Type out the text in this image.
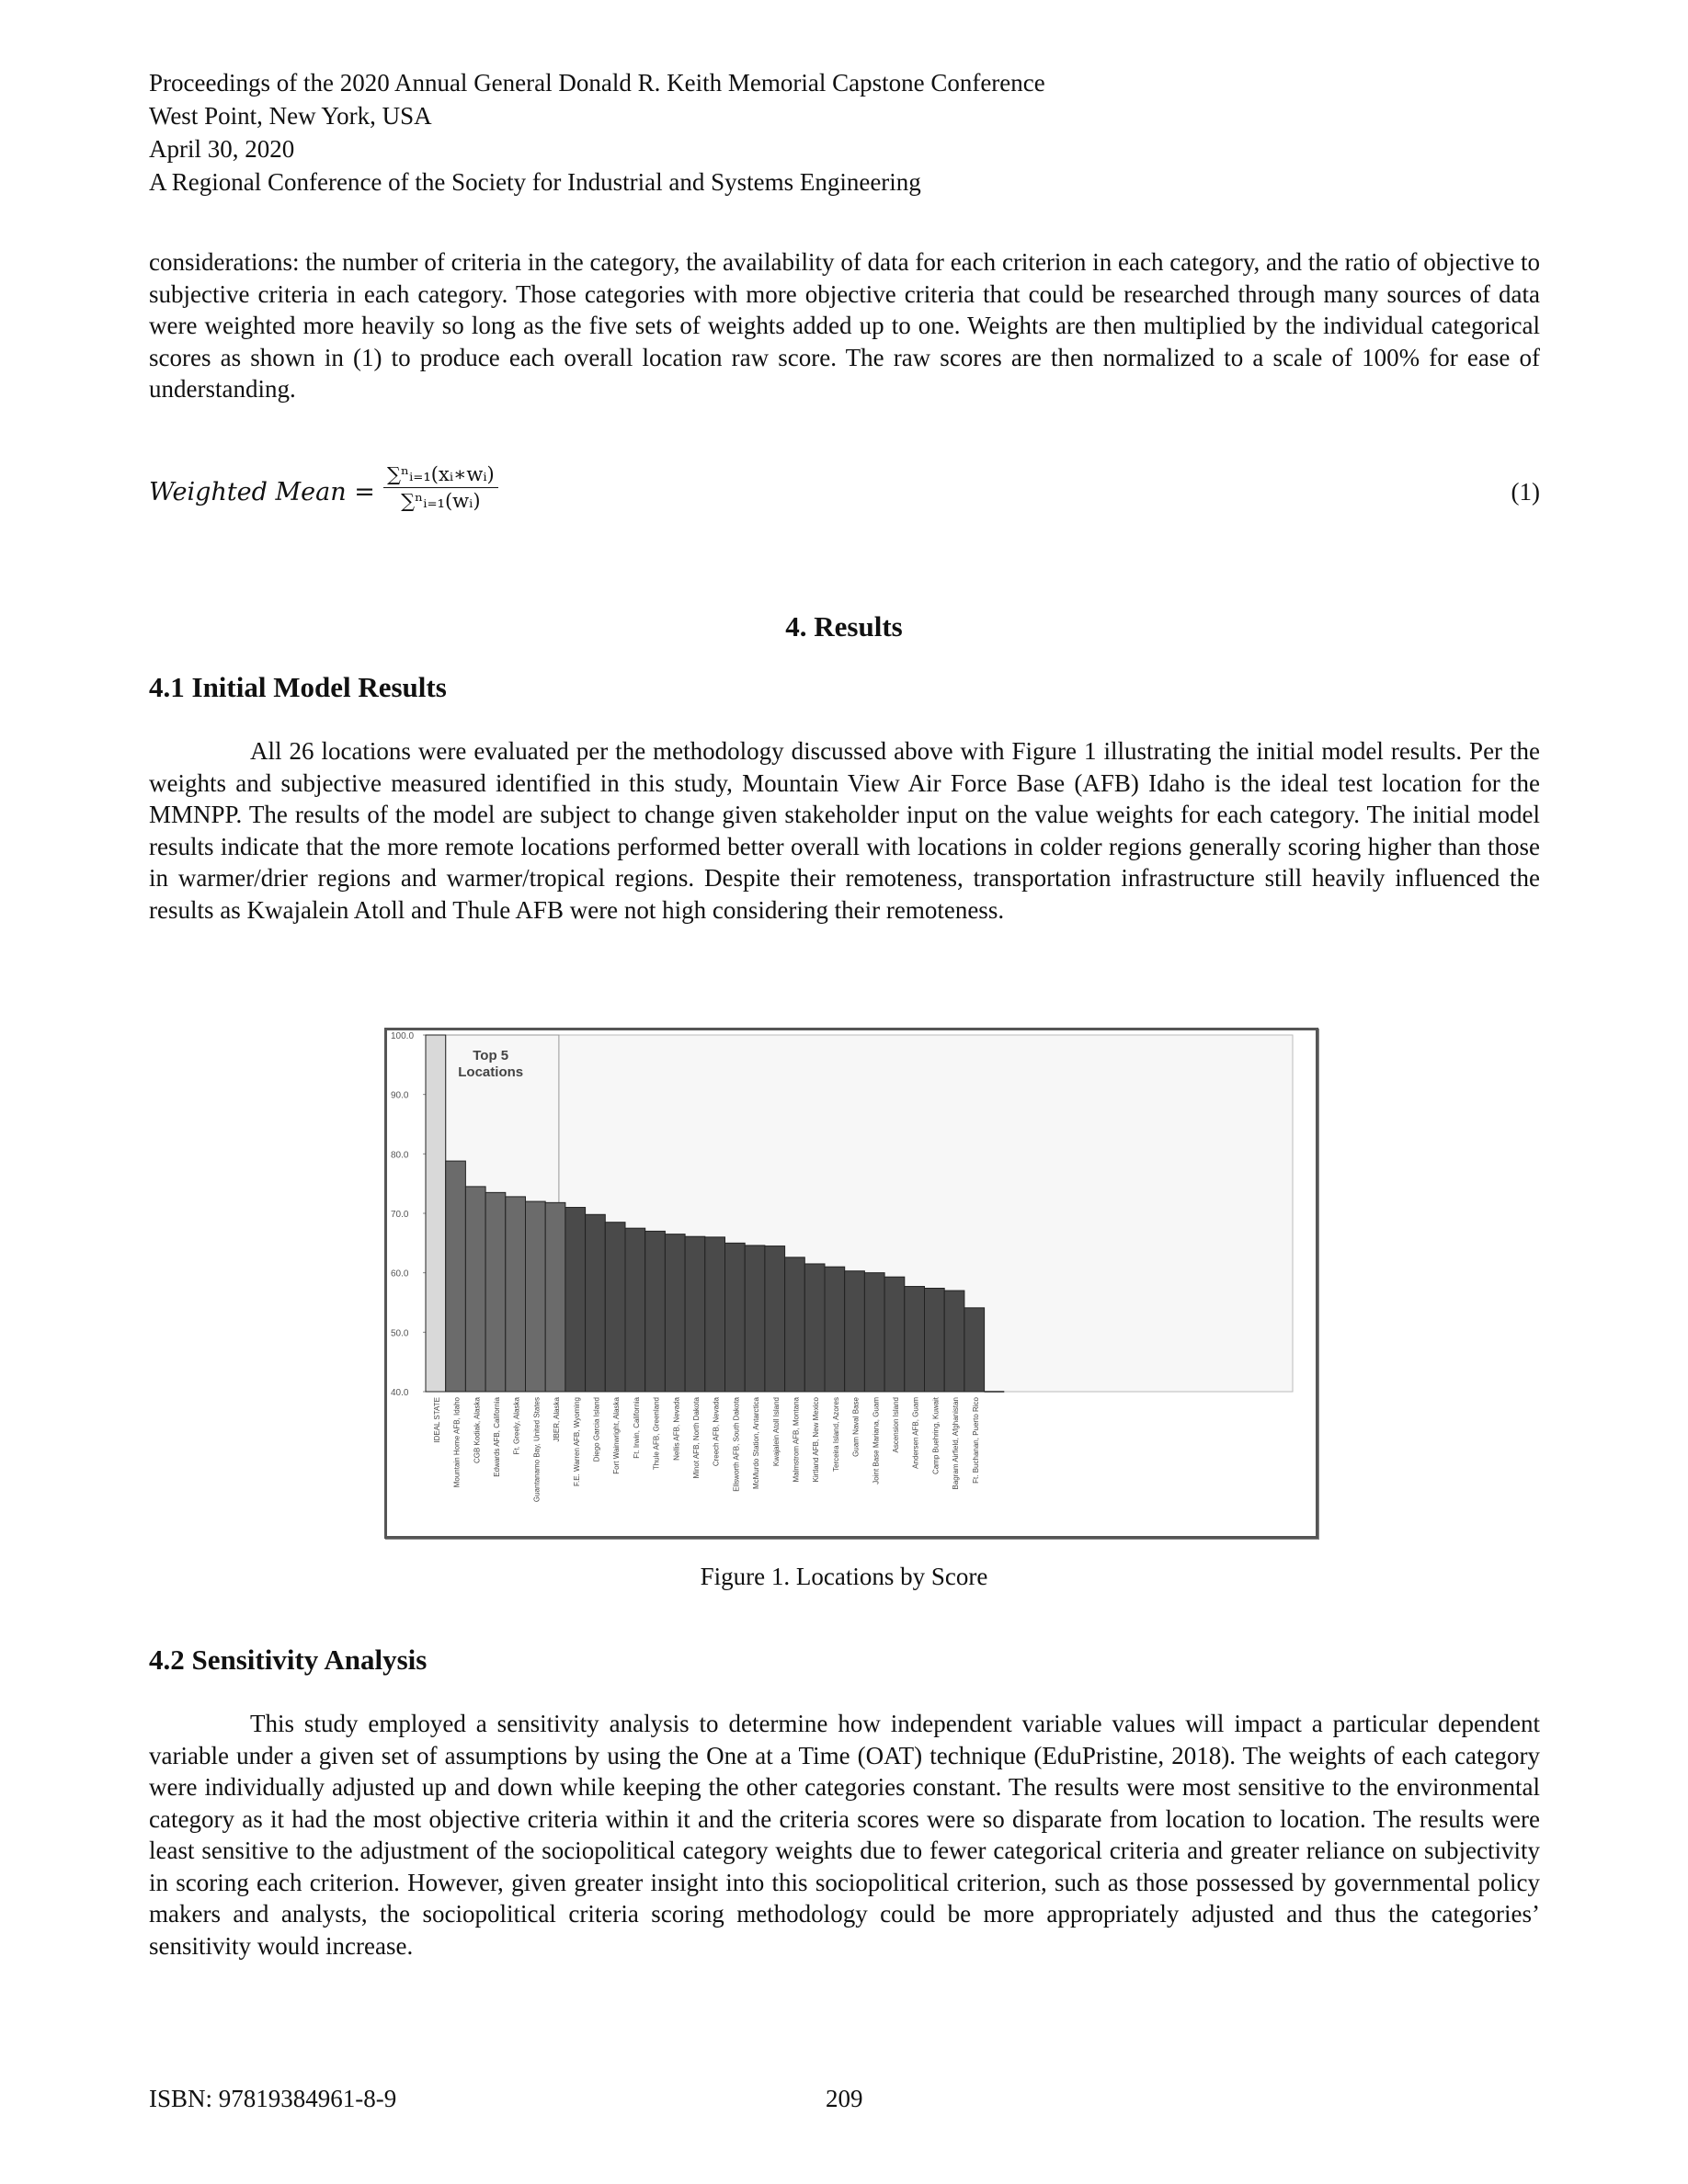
Proceedings of the 2020 Annual General Donald R. Keith Memorial Capstone Conference
West Point, New York, USA
April 30, 2020
A Regional Conference of the Society for Industrial and Systems Engineering

considerations: the number of criteria in the category, the availability of data for each criterion in each category, and the ratio of objective to subjective criteria in each category. Those categories with more objective criteria that could be researched through many sources of data were weighted more heavily so long as the five sets of weights added up to one. Weights are then multiplied by the individual categorical scores as shown in (1) to produce each overall location raw score. The raw scores are then normalized to a scale of 100% for ease of understanding.

Weighted Mean = $\frac{\text{∑ⁿᵢ₌₁(xᵢ∗wᵢ)}}{\text{∑ⁿᵢ₌₁(wᵢ)}}$	(1)
4. Results
4.1 Initial Model Results

All 26 locations were evaluated per the methodology discussed above with Figure 1 illustrating the initial model results. Per the weights and subjective measured identified in this study, Mountain View Air Force Base (AFB) Idaho is the ideal test location for the MMNPP. The results of the model are subject to change given stakeholder input on the value weights for each category. The initial model results indicate that the more remote locations performed better overall with locations in colder regions generally scoring higher than those in warmer/drier regions and warmer/tropical regions. Despite their remoteness, transportation infrastructure still heavily influenced the results as Kwajalein Atoll and Thule AFB were not high considering their remoteness.

100.0
90.0
80.0
70.0
60.0
50.0
40.0
Top 5
Locations
IDEAL STATE Mountain Home AFB, Idaho CGB Kodiak, Alaska Edwards AFB, California Ft. Greely, Alaska Guantanamo Bay, United States JBER, Alaska F.E. Warren AFB, Wyoming Diego Garcia Island Fort Wainwright, Alaska Ft. Irwin, California Thule AFB, Greenland Nellis AFB, Nevada Minot AFB, North Dakota Creech AFB, Nevada Ellsworth AFB, South Dakota McMurdo Station, Antarctica Kwajalein Atoll Island Malmstrom AFB, Montana Kirtland AFB, New Mexico Terceira Island, Azores Guam Naval Base Joint Base Mariana, Guam Ascension Island Andersen AFB, Guam Camp Buehring, Kuwait Bagram Airfield, Afghanistan Ft. Buchanan, Puerto Rico
Figure 1. Locations by Score
4.2 Sensitivity Analysis

This study employed a sensitivity analysis to determine how independent variable values will impact a particular dependent variable under a given set of assumptions by using the One at a Time (OAT) technique (EduPristine, 2018). The weights of each category were individually adjusted up and down while keeping the other categories constant. The results were most sensitive to the environmental category as it had the most objective criteria within it and the criteria scores were so disparate from location to location. The results were least sensitive to the adjustment of the sociopolitical category weights due to fewer categorical criteria and greater reliance on subjectivity in scoring each criterion. However, given greater insight into this sociopolitical criterion, such as those possessed by governmental policy makers and analysts, the sociopolitical criteria scoring methodology could be more appropriately adjusted and thus the categories’ sensitivity would increase.

ISBN: 97819384961-8-9	209
